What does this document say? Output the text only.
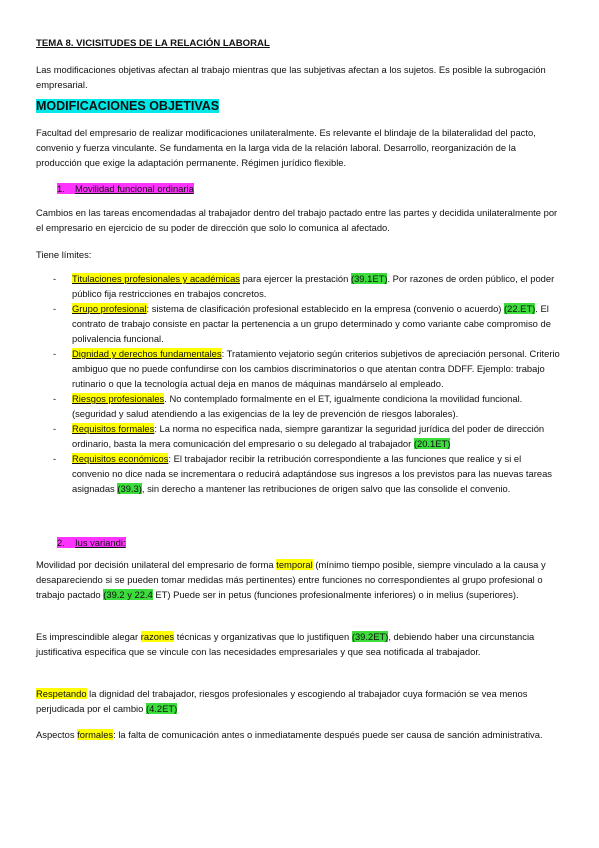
TEMA 8. VICISITUDES DE LA RELACIÓN LABORAL

Las modificaciones objetivas afectan al trabajo mientras que las subjetivas afectan a los sujetos. Es posible la subrogación empresarial.

MODIFICACIONES OBJETIVAS

Facultad del empresario de realizar modificaciones unilateralmente. Es relevante el blindaje de la bilateralidad del pacto, convenio y fuerza vinculante. Se fundamenta en la larga vida de la relación laboral. Desarrollo, reorganización de la producción que exige la adaptación permanente. Régimen jurídico flexible.

1. Movilidad funcional ordinaria

Cambios en las tareas encomendadas al trabajador dentro del trabajo pactado entre las partes y decidida unilateralmente por el empresario en ejercicio de su poder de dirección que solo lo comunica al afectado.

Tiene límites:

- Titulaciones profesionales y académicas para ejercer la prestación (39.1ET). Por razones de orden público, el poder público fija restricciones en trabajos concretos.
- Grupo profesional: sistema de clasificación profesional establecido en la empresa (convenio o acuerdo) (22.ET). El contrato de trabajo consiste en pactar la pertenencia a un grupo determinado y como variante cabe compromiso de polivalencia funcional.
- Dignidad y derechos fundamentales: Tratamiento vejatorio según criterios subjetivos de apreciación personal. Criterio ambiguo que no puede confundirse con los cambios discriminatorios o que atentan contra DDFF. Ejemplo: trabajo rutinario o que la tecnología actual deja en manos de máquinas mandárselo al empleado.
- Riesgos profesionales. No contemplado formalmente en el ET, igualmente condiciona la movilidad funcional. (seguridad y salud atendiendo a las exigencias de la ley de prevención de riesgos laborales).
- Requisitos formales: La norma no especifica nada, siempre garantizar la seguridad jurídica del poder de dirección ordinario, basta la mera comunicación del empresario o su delegado al trabajador (20.1ET)
- Requisitos económicos: El trabajador recibir la retribución correspondiente a las funciones que realice y si el convenio no dice nada se incrementara o reducirá adaptándose sus ingresos a los previstos para las nuevas tareas asignadas (39.3), sin derecho a mantener las retribuciones de origen salvo que las consolide el convenio.

2. Ius variandi:

Movilidad por decisión unilateral del empresario de forma temporal (mínimo tiempo posible, siempre vinculado a la causa y desapareciendo si se pueden tomar medidas más pertinentes) entre funciones no correspondientes al grupo profesional o trabajo pactado (39.2 y 22.4 ET) Puede ser in petus (funciones profesionalmente inferiores) o in melius (superiores).

Es imprescindible alegar razones técnicas y organizativas que lo justifiquen (39.2ET), debiendo haber una circunstancia justificativa especifica que se vincule con las necesidades empresariales y que sea notificada al trabajador.

Respetando la dignidad del trabajador, riesgos profesionales y escogiendo al trabajador cuya formación se vea menos perjudicada por el cambio (4.2ET)

Aspectos formales: la falta de comunicación antes o inmediatamente después puede ser causa de sanción administrativa.
